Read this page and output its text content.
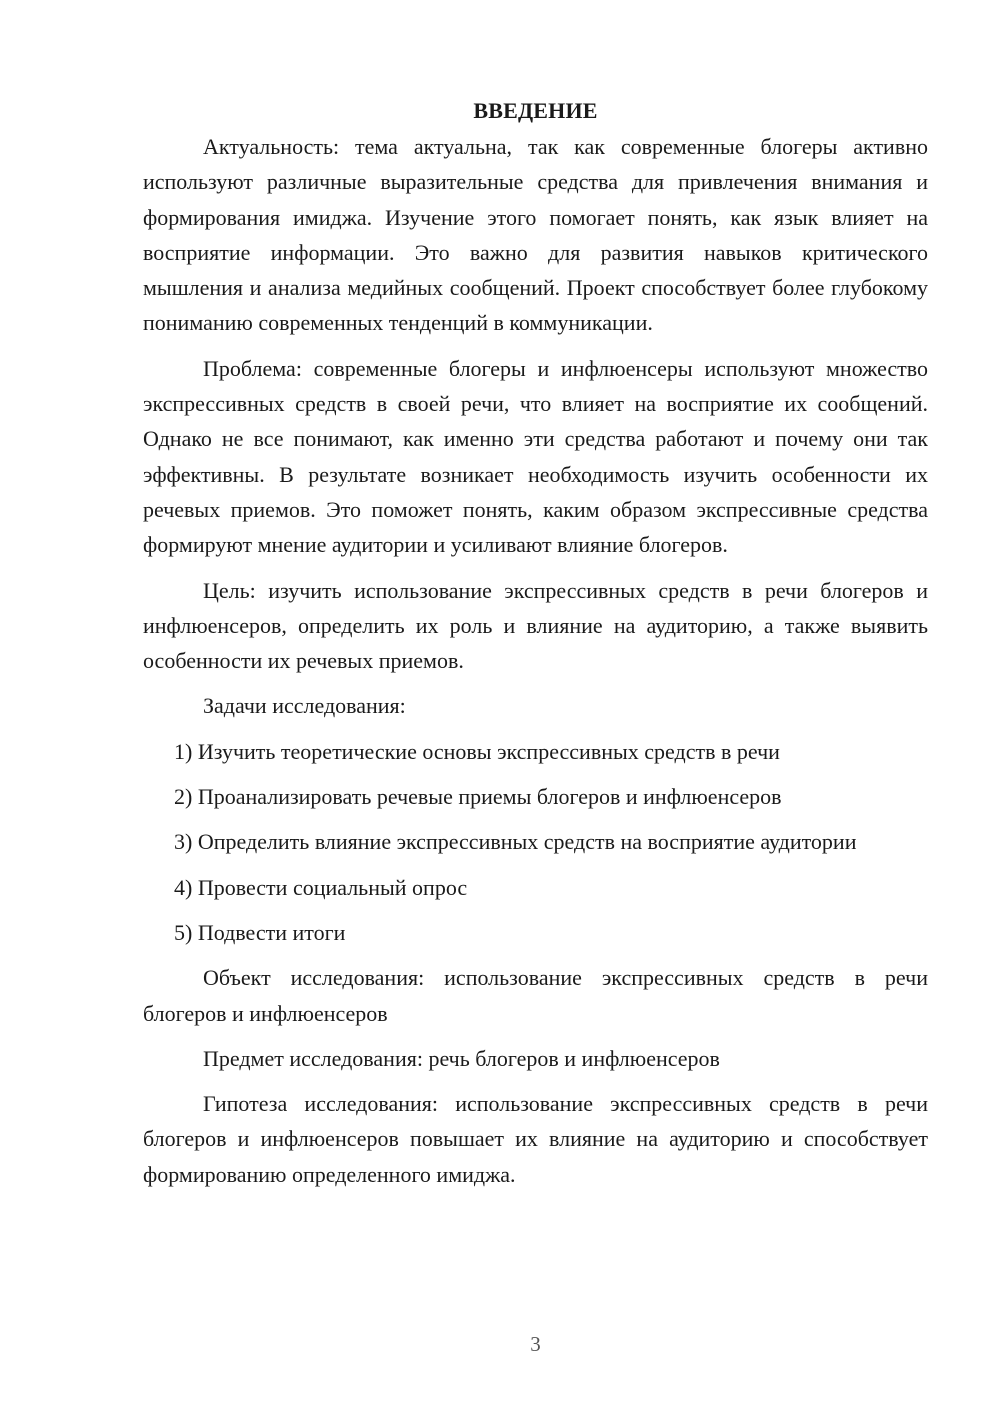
ВВЕДЕНИЕ

Актуальность: тема актуальна, так как современные блогеры активно используют различные выразительные средства для привлечения внимания и формирования имиджа. Изучение этого помогает понять, как язык влияет на восприятие информации. Это важно для развития навыков критического мышления и анализа медийных сообщений. Проект способствует более глубокому пониманию современных тенденций в коммуникации.

Проблема: современные блогеры и инфлюенсеры используют множество экспрессивных средств в своей речи, что влияет на восприятие их сообщений. Однако не все понимают, как именно эти средства работают и почему они так эффективны. В результате возникает необходимость изучить особенности их речевых приемов. Это поможет понять, каким образом экспрессивные средства формируют мнение аудитории и усиливают влияние блогеров.

Цель: изучить использование экспрессивных средств в речи блогеров и инфлюенсеров, определить их роль и влияние на аудиторию, а также выявить особенности их речевых приемов.

Задачи исследования:

1) Изучить теоретические основы экспрессивных средств в речи

2) Проанализировать речевые приемы блогеров и инфлюенсеров

3) Определить влияние экспрессивных средств на восприятие аудитории

4) Провести социальный опрос

5) Подвести итоги

Объект исследования: использование экспрессивных средств в речи блогеров и инфлюенсеров

Предмет исследования: речь блогеров и инфлюенсеров

Гипотеза исследования: использование экспрессивных средств в речи блогеров и инфлюенсеров повышает их влияние на аудиторию и способствует формированию определенного имиджа.

3
